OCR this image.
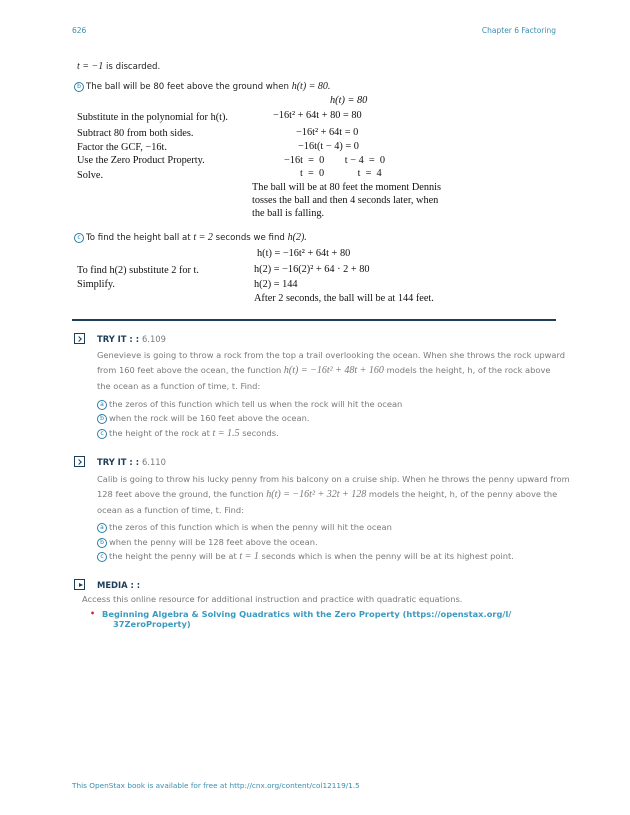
626	Chapter 6 Factoring
t = −1 is discarded.
b The ball will be 80 feet above the ground when h(t) = 80.
h(t) = 80
Substitute in the polynomial for h(t).	−16t² + 64t + 80 = 80
Subtract 80 from both sides.	−16t² + 64t = 0
Factor the GCF, −16t.	−16t(t − 4) = 0
Use the Zero Product Property.	−16t  =  0        t − 4  =  0
Solve.	t  =  0             t  =  4
The ball will be at 80 feet the moment Dennis
tosses the ball and then 4 seconds later, when
the ball is falling.
c To find the height ball at t = 2 seconds we find h(2).
h(t) = −16t² + 64t + 80
To find h(2) substitute 2 for t.	h(2) = −16(2)² + 64 · 2 + 80
Simplify.	h(2) = 144
After 2 seconds, the ball will be at 144 feet.
TRY IT : : 6.109
Genevieve is going to throw a rock from the top a trail overlooking the ocean. When she throws the rock upward
from 160 feet above the ocean, the function h(t) = −16t² + 48t + 160 models the height, h, of the rock above
the ocean as a function of time, t. Find:
a the zeros of this function which tell us when the rock will hit the ocean
b when the rock will be 160 feet above the ocean.
c the height of the rock at t = 1.5 seconds.
TRY IT : : 6.110
Calib is going to throw his lucky penny from his balcony on a cruise ship. When he throws the penny upward from
128 feet above the ground, the function h(t) = −16t² + 32t + 128 models the height, h, of the penny above the
ocean as a function of time, t. Find:
a the zeros of this function which is when the penny will hit the ocean
b when the penny will be 128 feet above the ocean.
c the height the penny will be at t = 1 seconds which is when the penny will be at its highest point.
MEDIA : :
Access this online resource for additional instruction and practice with quadratic equations.
• Beginning Algebra & Solving Quadratics with the Zero Property (https://openstax.org/l/
37ZeroProperty)
This OpenStax book is available for free at http://cnx.org/content/col12119/1.5
